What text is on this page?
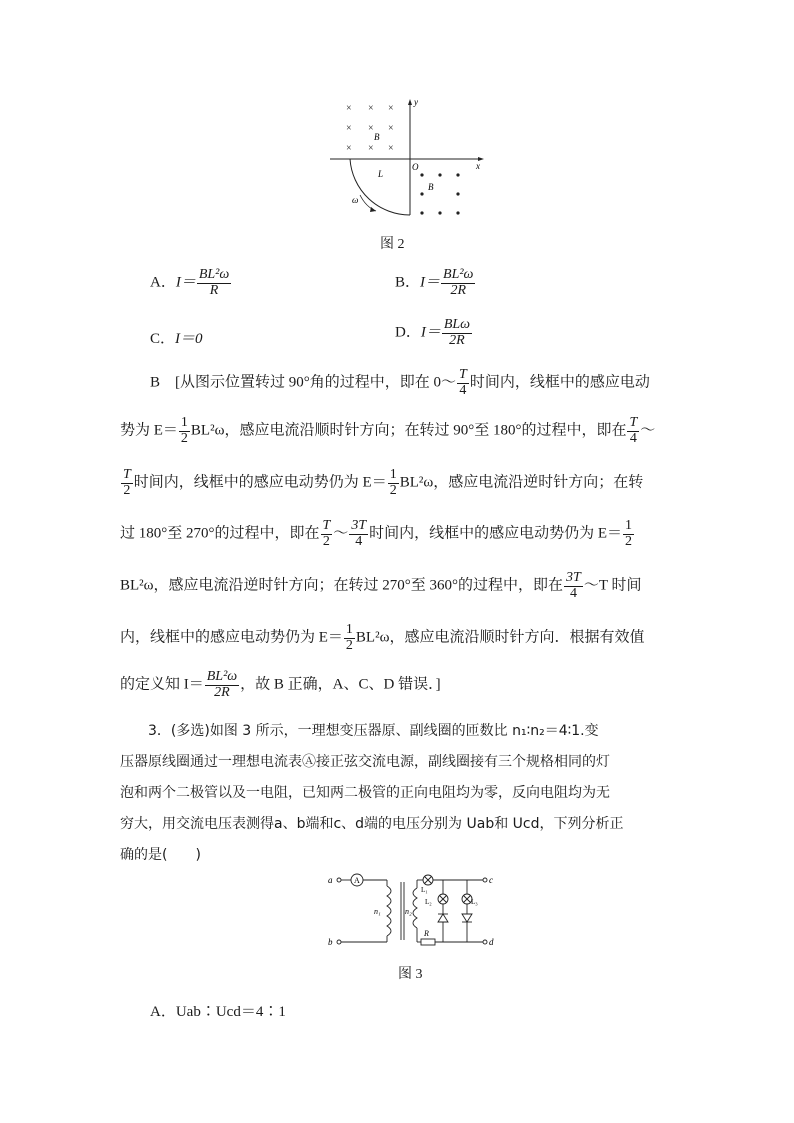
y
x
O
× × ×
× × ×
× × ×
B
B
L
ω
图 2
A．$I= \frac{\text{BL²ω}}{R}$	B．$I= \frac{\text{BL²ω}}{2R}$
C．I＝0	D．$I= \frac{\text{BLω}}{2R}$
B　[从图示位置转过 90°角的过程中，即在 0～ $\frac{T}{4}$ 时间内，线框中的感应电动
势为 $E= \frac{1}{2} BL^2\omega$，感应电流沿顺时针方向；在转过 90°至 180°的过程中，即在 $\frac{T}{4}$ ～
$\frac{T}{2}$ 时间内，线框中的感应电动势仍为 $E= \frac{1}{2} BL^2\omega$，感应电流沿逆时针方向；在转
过 180°至 270°的过程中，即在 $\frac{T}{2}$ ～ $\frac{3T}{4}$ 时间内，线框中的感应电动势仍为 $E= \frac{1}{2}$
BL²ω，感应电流沿逆时针方向；在转过 270°至 360°的过程中，即在 $\frac{3T}{4}$ ～T 时间
内，线框中的感应电动势仍为 $E= \frac{1}{2} BL^2\omega$，感应电流沿顺时针方向．根据有效值
的定义知 $I= \frac{\text{BL²ω}}{2R}$ ，故 B 正确，A、C、D 错误．]
3．(多选)如图 3 所示，一理想变压器原、副线圈的匝数比 n₁∶n₂＝4∶1.变
压器原线圈通过一理想电流表Ⓐ接正弦交流电源，副线圈接有三个规格相同的灯
泡和两个二极管以及一电阻，已知两二极管的正向电阻均为零，反向电阻均为无
穷大，用交流电压表测得a、b端和c、d端的电压分别为 Uab和 Ucd，下列分析正
确的是(　　)
a
b
c
d
A
n₁	n₂
L₁
L₂	L₃
R
图 3
A．Uab∶Ucd＝4∶1
